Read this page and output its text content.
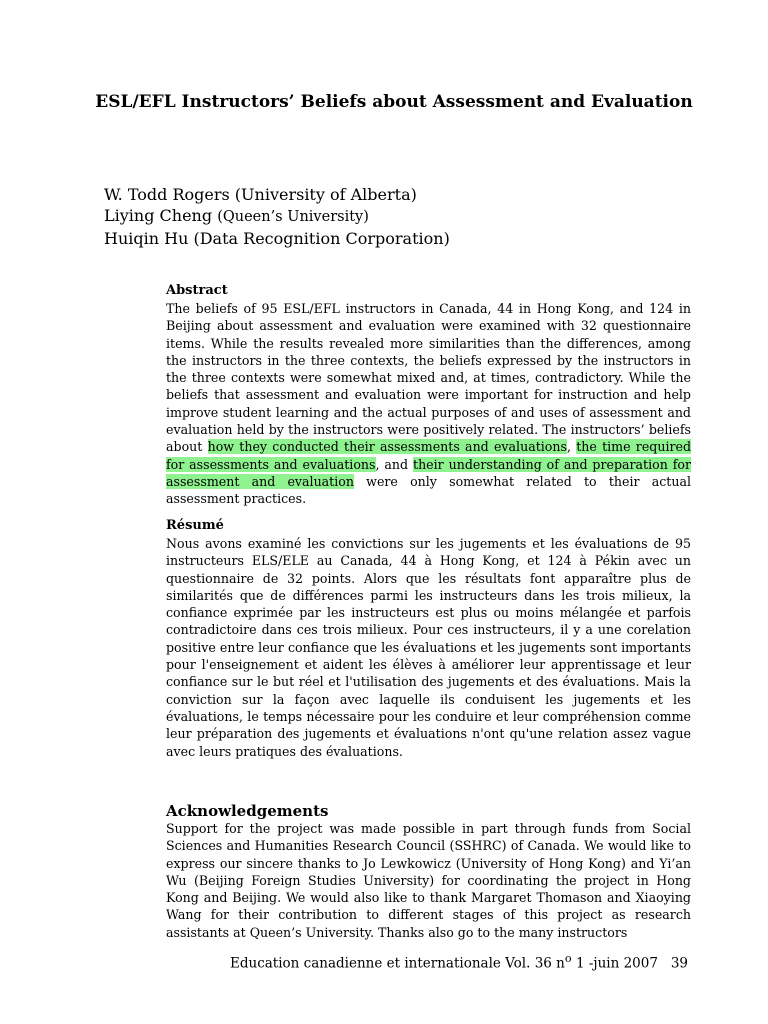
ESL/EFL Instructors’ Beliefs about Assessment and Evaluation
W. Todd Rogers (University of Alberta)
Liying Cheng (Queen’s University)
Huiqin Hu (Data Recognition Corporation)

Abstract

The beliefs of 95 ESL/EFL instructors in Canada, 44 in Hong Kong, and 124 in Beijing about assessment and evaluation were examined with 32 questionnaire items. While the results revealed more similarities than the differences, among the instructors in the three contexts, the beliefs expressed by the instructors in the three contexts were somewhat mixed and, at times, contradictory. While the beliefs that assessment and evaluation were important for instruction and help improve student learning and the actual purposes of and uses of assessment and evaluation held by the instructors were positively related. The instructors’ beliefs about how they conducted their assessments and evaluations, the time required for assessments and evaluations, and their understanding of and preparation for assessment and evaluation were only somewhat related to their actual assessment practices.

Résumé

Nous avons examiné les convictions sur les jugements et les évaluations de 95 instructeurs ELS/ELE au Canada, 44 à Hong Kong, et 124 à Pékin avec un questionnaire de 32 points. Alors que les résultats font apparaître plus de similarités que de différences parmi les instructeurs dans les trois milieux, la confiance exprimée par les instructeurs est plus ou moins mélangée et parfois contradictoire dans ces trois milieux. Pour ces instructeurs, il y a une corelation positive entre leur confiance que les évaluations et les jugements sont importants pour l'enseignement et aident les élèves à améliorer leur apprentissage et leur confiance sur le but réel et l'utilisation des jugements et des évaluations. Mais la conviction sur la façon avec laquelle ils conduisent les jugements et les évaluations, le temps nécessaire pour les conduire et leur compréhension comme leur préparation des jugements et évaluations n'ont qu'une relation assez vague avec leurs pratiques des évaluations.

Acknowledgements

Support for the project was made possible in part through funds from Social Sciences and Humanities Research Council (SSHRC) of Canada. We would like to express our sincere thanks to Jo Lewkowicz (University of Hong Kong) and Yi’an Wu (Beijing Foreign Studies University) for coordinating the project in Hong Kong and Beijing. We would also like to thank Margaret Thomason and Xiaoying Wang for their contribution to different stages of this project as research assistants at Queen’s University. Thanks also go to the many instructors

Education canadienne et internationale Vol. 36 $n^o$ 1 -juin 2007 39
